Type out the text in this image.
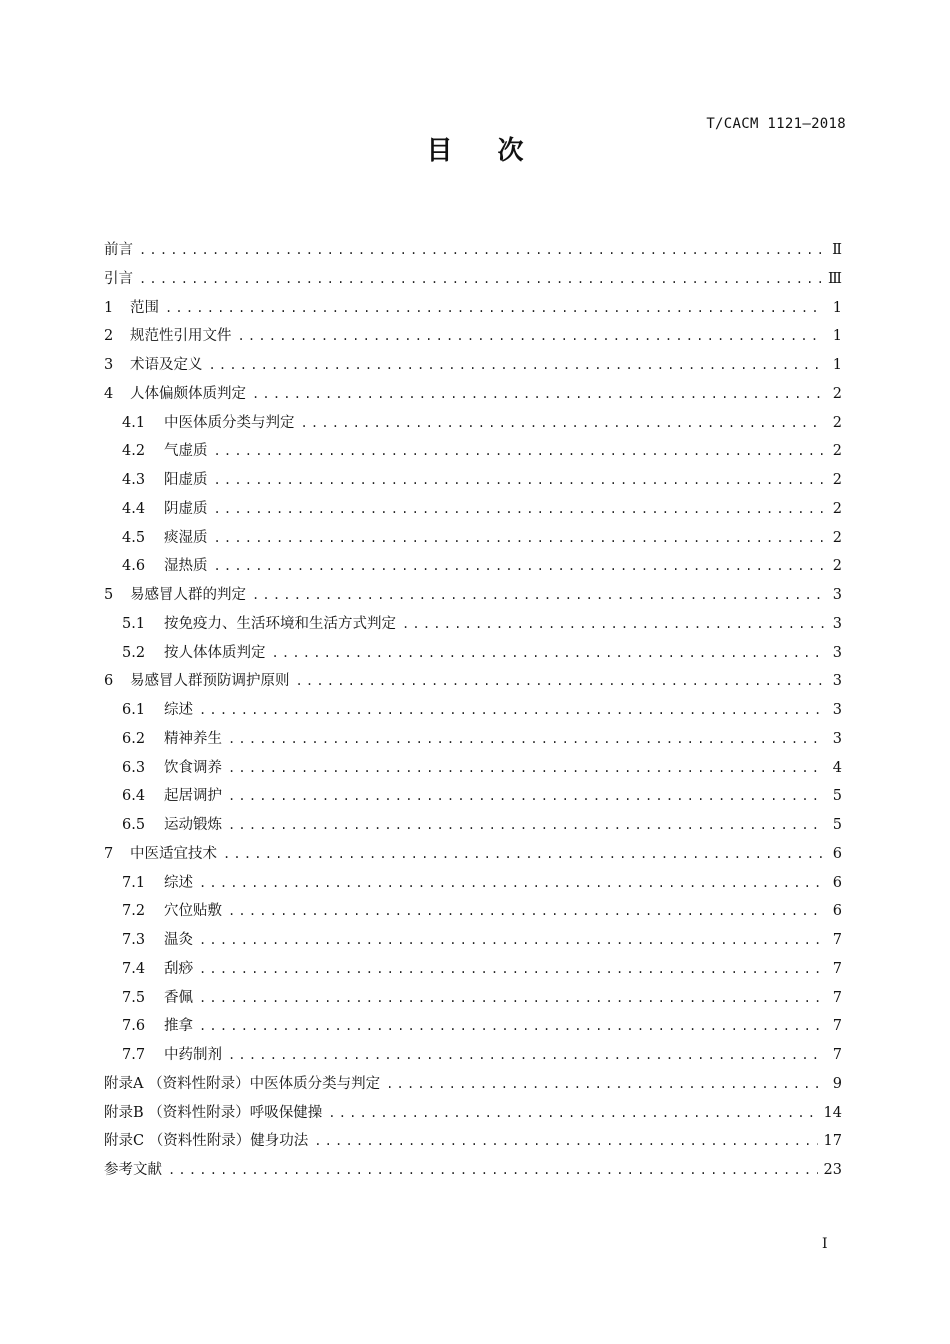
T/CACM 1121—2018
目 次
前言 .....	Ⅱ
引言 .....	Ⅲ
1	范围 .....	1
2	规范性引用文件 .....	1
3	术语及定义 .....	1
4	人体偏颇体质判定 .....	2
4.1	中医体质分类与判定 .....	2
4.2	气虚质 .....	2
4.3	阳虚质 .....	2
4.4	阴虚质 .....	2
4.5	痰湿质 .....	2
4.6	湿热质 .....	2
5	易感冒人群的判定 .....	3
5.1	按免疫力、生活环境和生活方式判定 .....	3
5.2	按人体体质判定 .....	3
6	易感冒人群预防调护原则 .....	3
6.1	综述 .....	3
6.2	精神养生 .....	3
6.3	饮食调养 .....	4
6.4	起居调护 .....	5
6.5	运动锻炼 .....	5
7	中医适宜技术 .....	6
7.1	综述 .....	6
7.2	穴位贴敷 .....	6
7.3	温灸 .....	7
7.4	刮痧 .....	7
7.5	香佩 .....	7
7.6	推拿 .....	7
7.7	中药制剂 .....	7
附录A （资料性附录）中医体质分类与判定 .....	9
附录B （资料性附录）呼吸保健操 .....	14
附录C （资料性附录）健身功法 .....	17
参考文献 .....	23
I
